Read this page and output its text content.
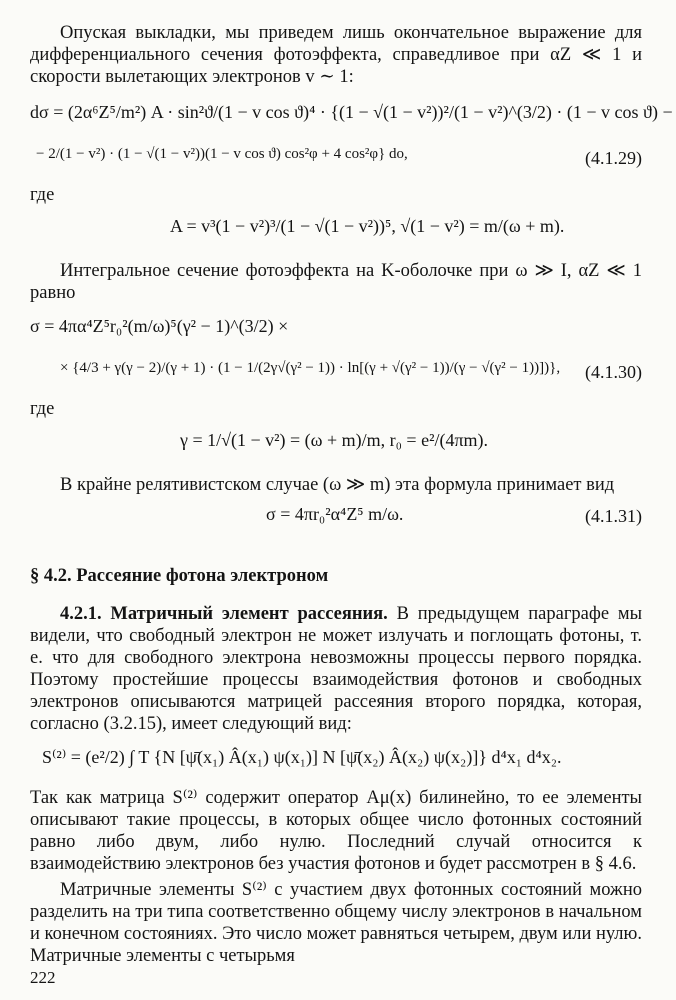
Опуская выкладки, мы приведем лишь окончательное выражение для дифференциального сечения фотоэффекта, справедливое при αZ ≪ 1 и скорости вылетающих электронов v ∼ 1:

dσ = (2α⁶Z⁵/m²) A · sin²ϑ/(1 − v cos ϑ)⁴ · {(1 − √(1 − v²))²/(1 − v²)^(3/2) · (1 − v cos ϑ) −
− 2/(1 − v²) · (1 − √(1 − v²))(1 − v cos ϑ) cos²φ + 4 cos²φ} do,	(4.1.29)

где

A = v³(1 − v²)³/(1 − √(1 − v²))⁵, √(1 − v²) = m/(ω + m).

Интегральное сечение фотоэффекта на K-оболочке при ω ≫ I, αZ ≪ 1 равно

σ = 4πα⁴Z⁵r₀²(m/ω)⁵(γ² − 1)^(3/2) ×
× {4/3 + γ(γ − 2)/(γ + 1) · (1 − 1/(2γ√(γ² − 1)) · ln[(γ + √(γ² − 1))/(γ − √(γ² − 1))])}, (4.1.30)

где

γ = 1/√(1 − v²) = (ω + m)/m, r₀ = e²/(4πm).

В крайне релятивистском случае (ω ≫ m) эта формула принимает вид

σ = 4πr₀²α⁴Z⁵ m/ω.	(4.1.31)
§ 4.2. Рассеяние фотона электроном

4.2.1. Матричный элемент рассеяния. В предыдущем параграфе мы видели, что свободный электрон не может излучать и поглощать фотоны, т. е. что для свободного электрона невозможны процессы первого порядка. Поэтому простейшие процессы взаимодействия фотонов и свободных электронов описываются матрицей рассеяния второго порядка, которая, согласно (3.2.15), имеет следующий вид:

S⁽²⁾ = (e²/2) ∫ T {N [ψ̄(x₁) Â(x₁) ψ(x₁)] N [ψ̄(x₂) Â(x₂) ψ(x₂)]} d⁴x₁ d⁴x₂.

Так как матрица S⁽²⁾ содержит оператор Aμ(x) билинейно, то ее элементы описывают такие процессы, в которых общее число фотонных состояний равно либо двум, либо нулю. Последний случай относится к взаимодействию электронов без участия фотонов и будет рассмотрен в § 4.6.

Матричные элементы S⁽²⁾ с участием двух фотонных состояний можно разделить на три типа соответственно общему числу электронов в начальном и конечном состояниях. Это число может равняться четырем, двум или нулю. Матричные элементы с четырьмя

222
